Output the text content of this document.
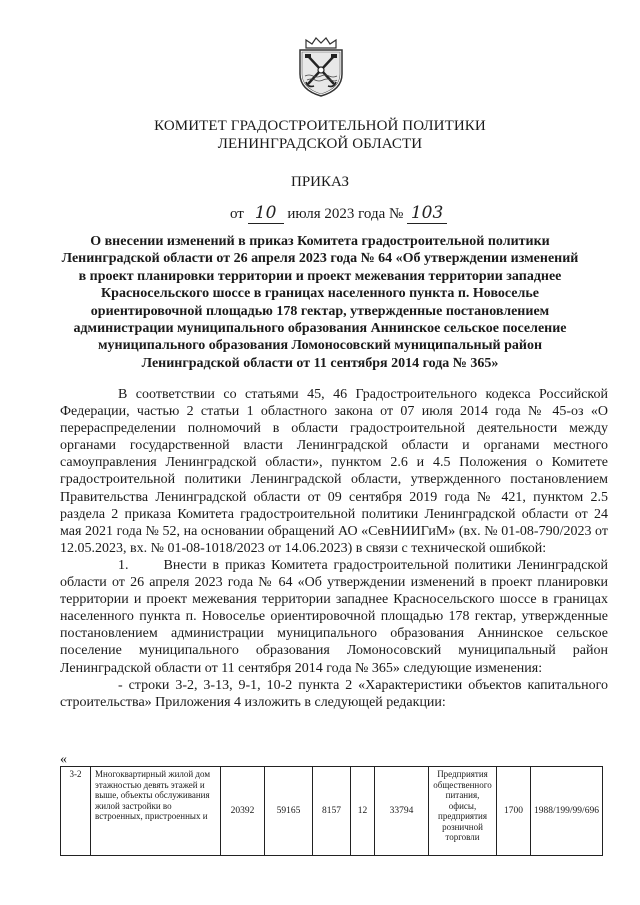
КОМИТЕТ ГРАДОСТРОИТЕЛЬНОЙ ПОЛИТИКИ
ЛЕНИНГРАДСКОЙ ОБЛАСТИ
ПРИКАЗ
от 10 июля 2023 года № 103
О внесении изменений в приказ Комитета градостроительной политики Ленинградской области от 26 апреля 2023 года № 64 «Об утверждении изменений в проект планировки территории и проект межевания территории западнее Красносельского шоссе в границах населенного пункта п. Новоселье ориентировочной площадью 178 гектар, утвержденные постановлением администрации муниципального образования Аннинское сельское поселение муниципального образования Ломоносовский муниципальный район Ленинградской области от 11 сентября 2014 года № 365»

В соответствии со статьями 45, 46 Градостроительного кодекса Российской Федерации, частью 2 статьи 1 областного закона от 07 июля 2014 года № 45-оз «О перераспределении полномочий в области градостроительной деятельности между органами государственной власти Ленинградской области и органами местного самоуправления Ленинградской области», пунктом 2.6 и 4.5 Положения о Комитете градостроительной политики Ленинградской области, утвержденного постановлением Правительства Ленинградской области от 09 сентября 2019 года № 421, пунктом 2.5 раздела 2 приказа Комитета градостроительной политики Ленинградской области от 24 мая 2021 года № 52, на основании обращений АО «СевНИИГиМ» (вх. № 01-08-790/2023 от 12.05.2023, вх. № 01-08-1018/2023 от 14.06.2023) в связи с технической ошибкой:

1.      Внести в приказ Комитета градостроительной политики Ленинградской области от 26 апреля 2023 года № 64 «Об утверждении изменений в проект планировки территории и проект межевания территории западнее Красносельского шоссе в границах населенного пункта п. Новоселье ориентировочной площадью 178 гектар, утвержденные постановлением администрации муниципального образования Аннинское сельское поселение муниципального образования Ломоносовский муниципальный район Ленинградской области от 11 сентября 2014 года № 365» следующие изменения:

- строки 3-2, 3-13, 9-1, 10-2 пункта 2 «Характеристики объектов капитального строительства» Приложения 4 изложить в следующей редакции:

«
3-2	Многоквартирный жилой дом этажностью девять этажей и выше, объекты обслуживания жилой застройки во встроенных, пристроенных и	20392	59165	8157	12	33794	Предприятия общественного питания, офисы, предприятия розничной торговли	1700	1988/199/99/696
